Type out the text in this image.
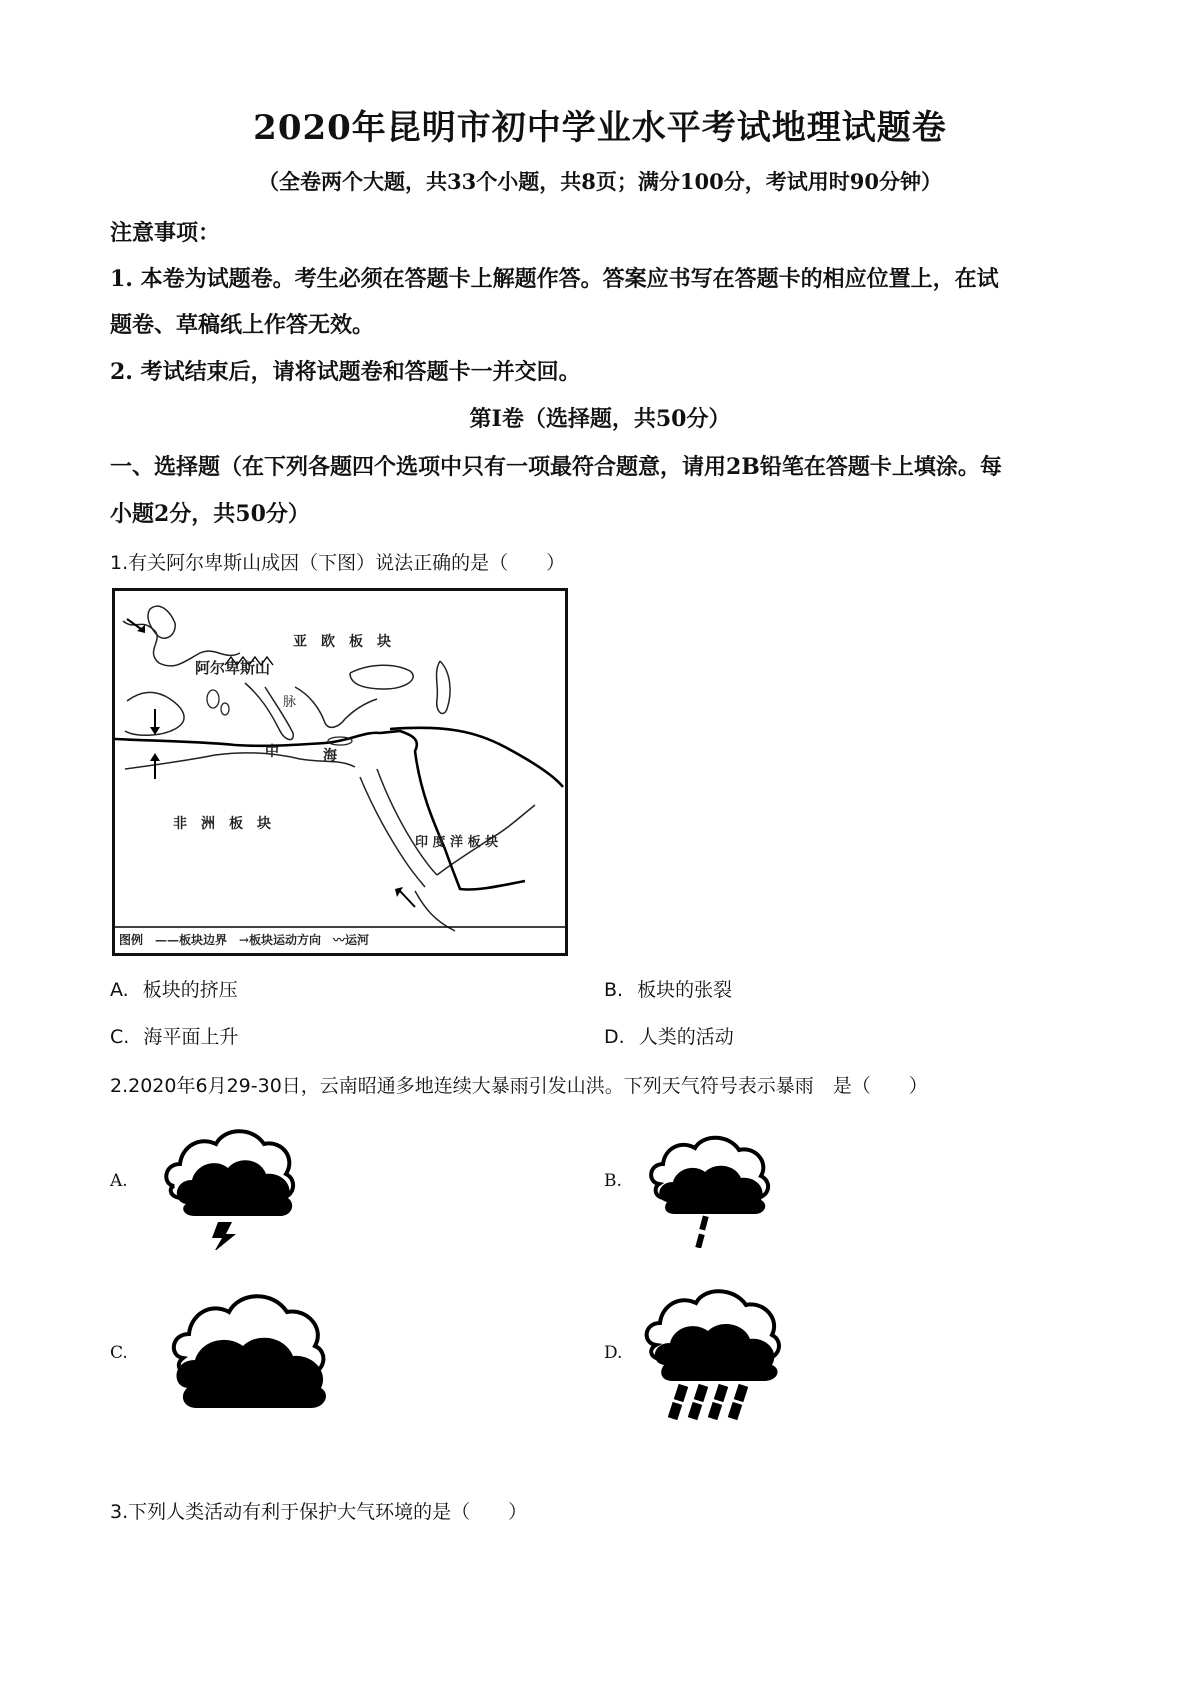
2020年昆明市初中学业水平考试地理试题卷
（全卷两个大题，共33个小题，共8页；满分100分，考试用时90分钟）
注意事项：
1. 本卷为试题卷。考生必须在答题卡上解题作答。答案应书写在答题卡的相应位置上，在试
题卷、草稿纸上作答无效。
2. 考试结束后，请将试题卷和答题卡一并交回。
第Ⅰ卷（选择题，共50分）
一、选择题（在下列各题四个选项中只有一项最符合题意，请用2B铅笔在答题卡上填涂。每
小题2分，共50分）
1.有关阿尔卑斯山成因（下图）说法正确的是（　　）
亚　欧　板　块
阿尔卑斯山
脉
中	海
非　洲　板　块
印 度 洋 板 块
图例　——板块边界　→板块运动方向　〰运河
A. 板块的挤压	B. 板块的张裂
C. 海平面上升	D. 人类的活动
2.2020年6月29-30日，云南昭通多地连续大暴雨引发山洪。下列天气符号表示暴雨　是（　　）
A.	B.
C.	D.
3.下列人类活动有利于保护大气环境的是（　　）
